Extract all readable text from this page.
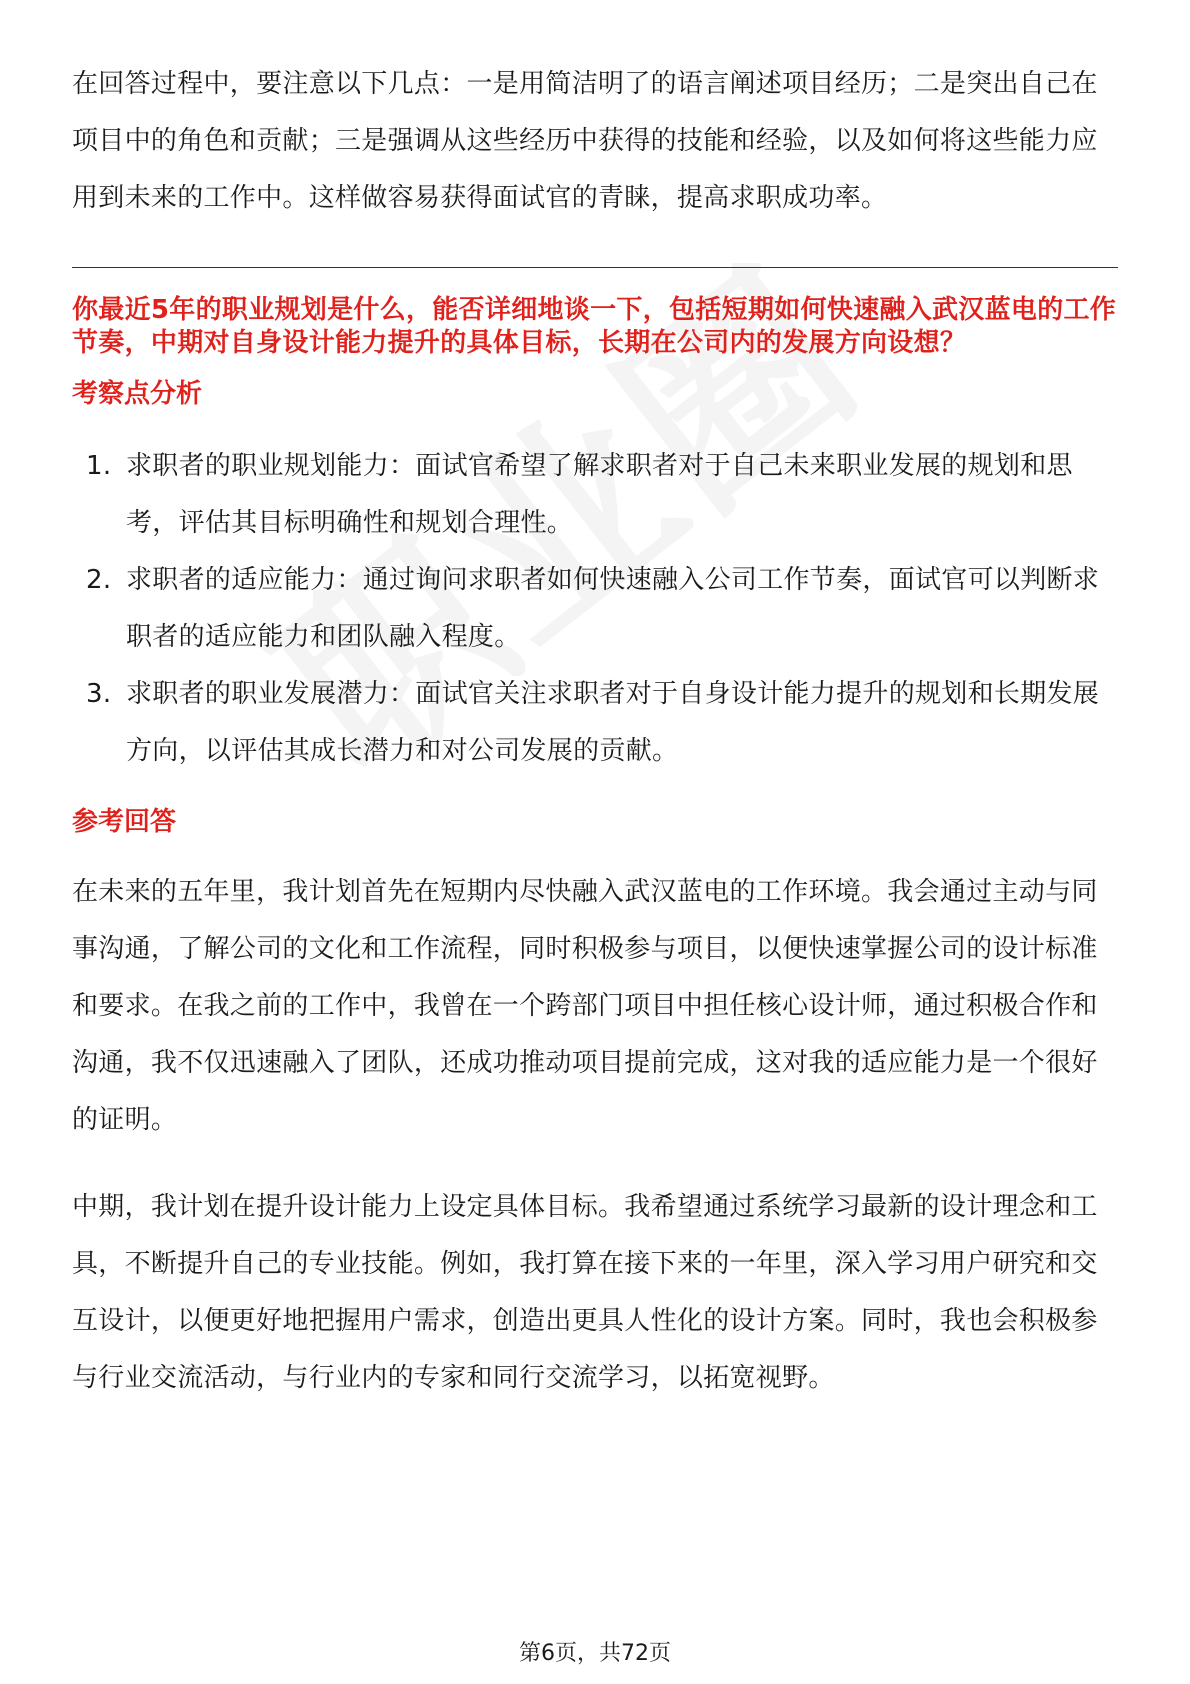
在回答过程中，要注意以下几点：一是用简洁明了的语言阐述项目经历；二是突出自己在项目中的角色和贡献；三是强调从这些经历中获得的技能和经验，以及如何将这些能力应用到未来的工作中。这样做容易获得面试官的青睐，提高求职成功率。

你最近5年的职业规划是什么，能否详细地谈一下，包括短期如何快速融入武汉蓝电的工作节奏，中期对自身设计能力提升的具体目标，长期在公司内的发展方向设想？

考察点分析
1. 求职者的职业规划能力：面试官希望了解求职者对于自己未来职业发展的规划和思考，评估其目标明确性和规划合理性。
2. 求职者的适应能力：通过询问求职者如何快速融入公司工作节奏，面试官可以判断求职者的适应能力和团队融入程度。
3. 求职者的职业发展潜力：面试官关注求职者对于自身设计能力提升的规划和长期发展方向，以评估其成长潜力和对公司发展的贡献。
参考回答

在未来的五年里，我计划首先在短期内尽快融入武汉蓝电的工作环境。我会通过主动与同事沟通，了解公司的文化和工作流程，同时积极参与项目，以便快速掌握公司的设计标准和要求。在我之前的工作中，我曾在一个跨部门项目中担任核心设计师，通过积极合作和沟通，我不仅迅速融入了团队，还成功推动项目提前完成，这对我的适应能力是一个很好的证明。

中期，我计划在提升设计能力上设定具体目标。我希望通过系统学习最新的设计理念和工具，不断提升自己的专业技能。例如，我打算在接下来的一年里，深入学习用户研究和交互设计，以便更好地把握用户需求，创造出更具人性化的设计方案。同时，我也会积极参与行业交流活动，与行业内的专家和同行交流学习，以拓宽视野。

第6页，共72页
